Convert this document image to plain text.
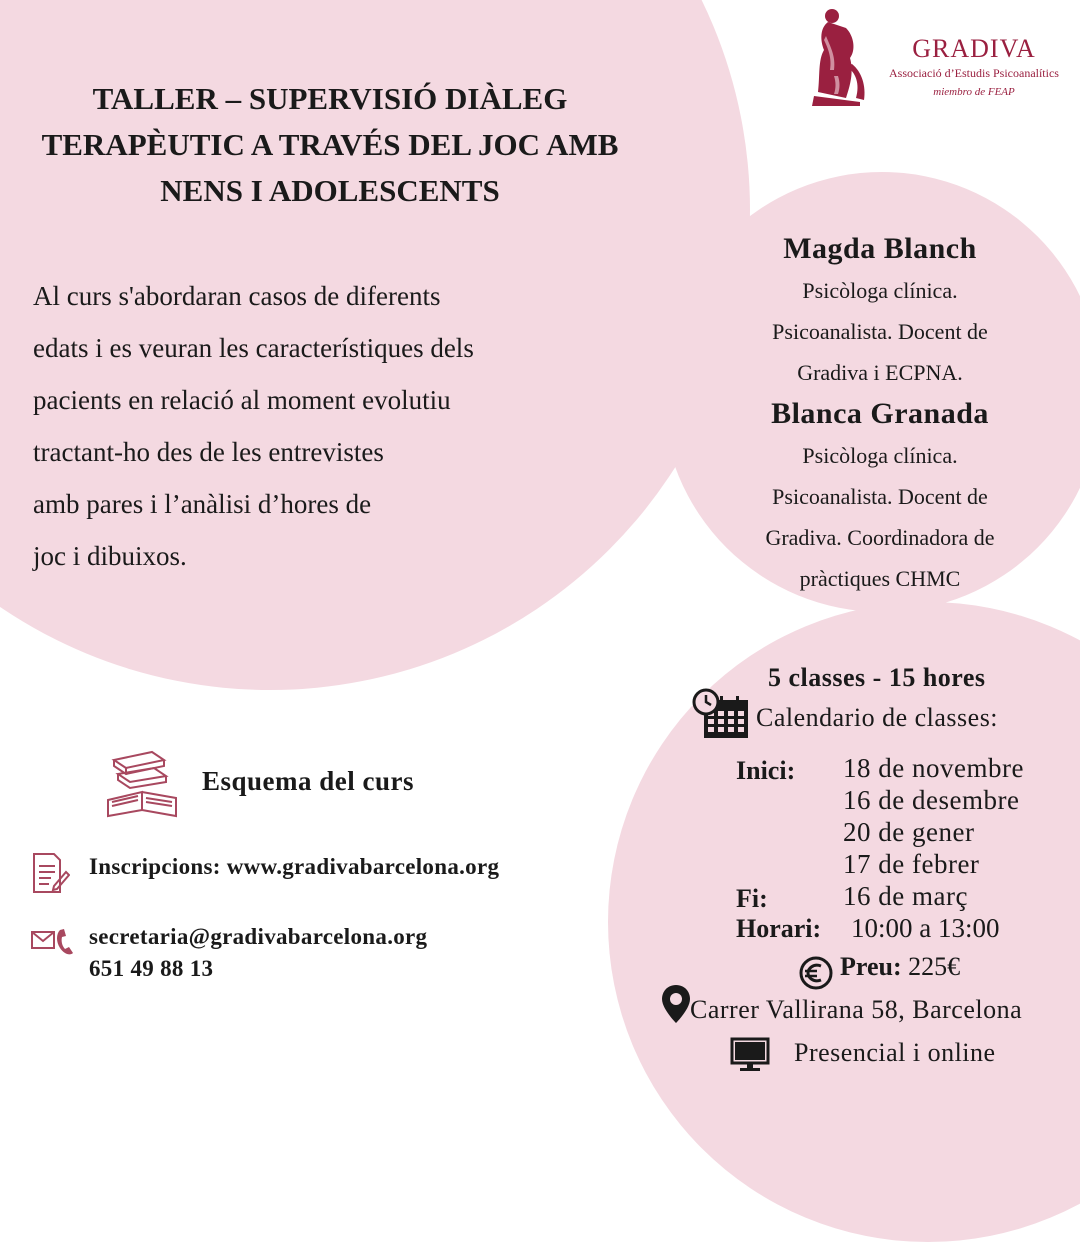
TALLER – SUPERVISIÓ DIÀLEG TERAPÈUTIC A TRAVÉS DEL JOC AMB NENS I ADOLESCENTS

Al curs s'abordaran casos de diferents
edats i es veuran les característiques dels
pacients en relació al moment evolutiu
tractant-ho des de les entrevistes
amb pares i l’anàlisi d’hores de
joc i dibuixos.

GRADIVA
Associació d’Estudis Psicoanalítics
miembro de FEAP
Magda Blanch
Psicòloga clínica.
Psicoanalista. Docent de
Gradiva i ECPNA.
Blanca Granada
Psicòloga clínica.
Psicoanalista. Docent de
Gradiva. Coordinadora de
pràctiques CHMC
5 classes - 15 hores
Calendario de classes:
Inici: 18 de novembre
16 de desembre
20 de gener
17 de febrer
16 de març
Fi:
Horari: 10:00 a 13:00
Preu: 225€
Carrer Vallirana 58, Barcelona
Presencial i online
Esquema del curs
Inscripcions: www.gradivabarcelona.org
secretaria@gradivabarcelona.org
651 49 88 13
